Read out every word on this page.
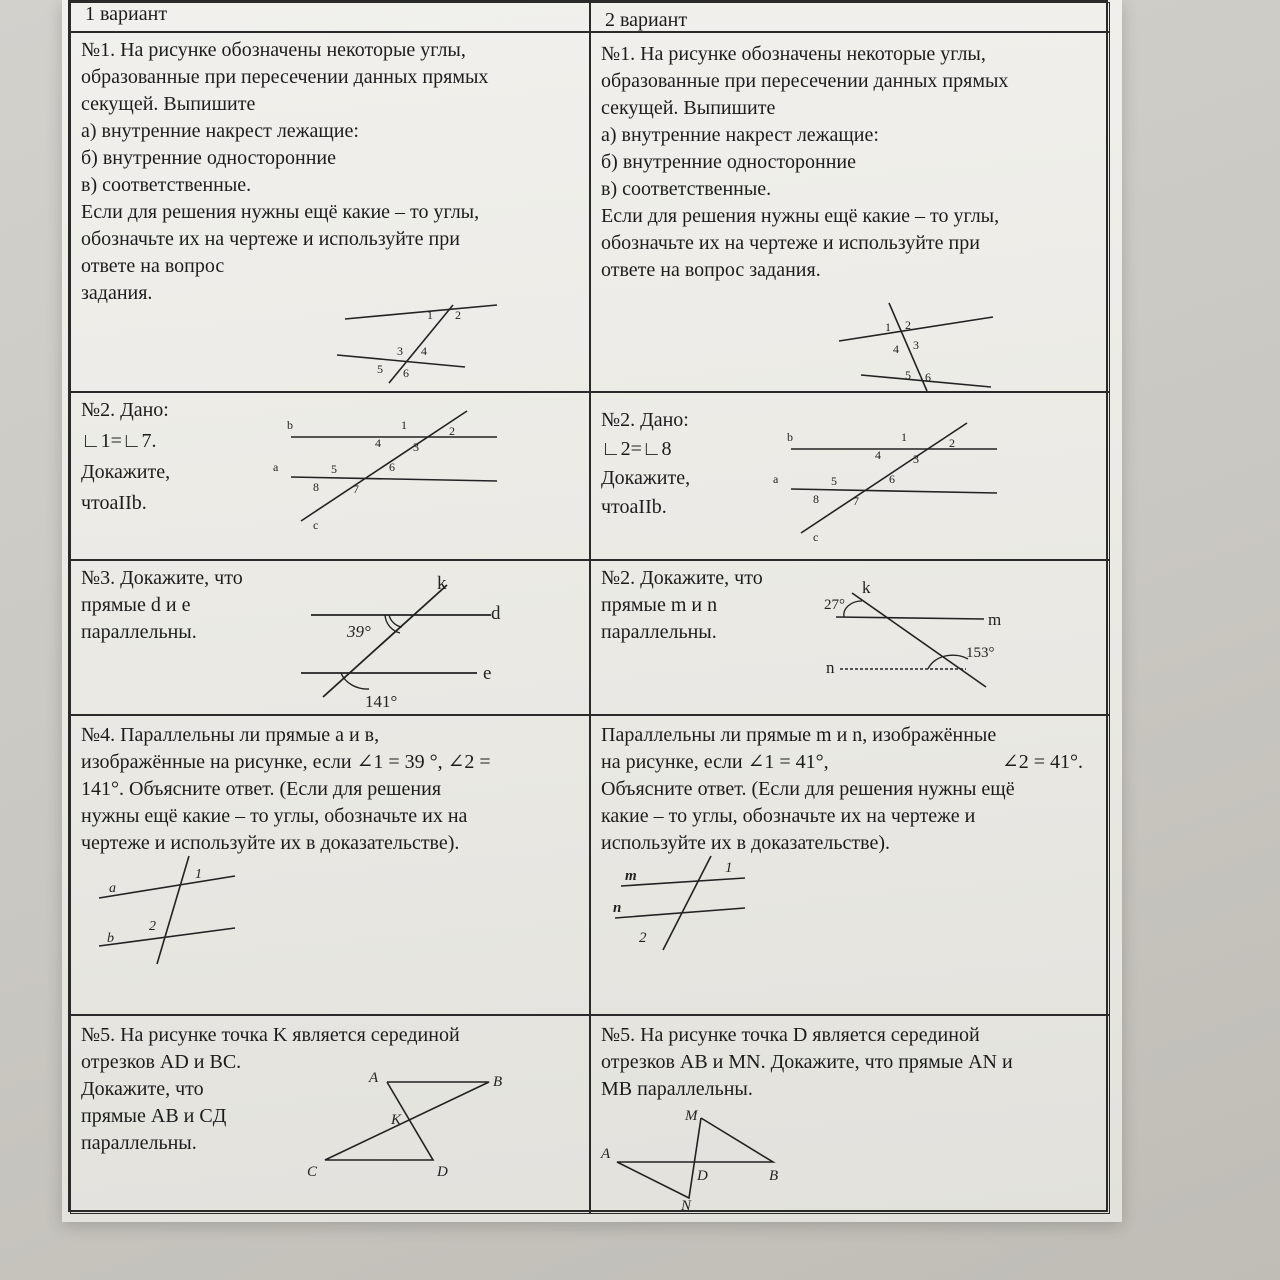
1 вариант	2 вариант

№1. На рисунке обозначены некоторые углы,

образованные при пересечении данных прямых

секущей. Выпишите

а) внутренние накрест лежащие:

б) внутренние односторонние

в) соответственные.

Если для решения нужны ещё какие – то углы,

обозначьте их на чертеже и используйте при

ответе на вопрос

задания.

1 2
3 4
5 6

№1. На рисунке обозначены некоторые углы,

образованные при пересечении данных прямых

секущей. Выпишите

а) внутренние накрест лежащие:

б) внутренние односторонние

в) соответственные.

Если для решения нужны ещё какие – то углы,

обозначьте их на чертеже и используйте при

ответе на вопрос задания.

1 2
3
4
5 6

№2. Дано:

∟1=∟7.

Докажите,

чтоaIIb.

b
a
c
1	2
3
4
5	6
7
8

№2. Дано:

∟2=∟8

Докажите,

чтоaIIb.

b
a
c
1	2
3
4
5	6
7
8

№3. Докажите, что

прямые d и e

параллельны.

k
d
e
39°
141°

№2. Докажите, что

прямые m и n

параллельны.

k
m
n
27°
153°

№4. Параллельны ли прямые а и в,

изображённые на рисунке, если ∠1 = 39 °, ∠2 =

141°. Объясните ответ. (Если для решения

нужны ещё какие – то углы, обозначьте их на

чертеже и используйте их в доказательстве).

a
b
1
2

Параллельны ли прямые m и n, изображённые

на рисунке, если ∠1 = 41°,	∠2 = 41°.

Объясните ответ. (Если для решения нужны ещё

какие – то углы, обозначьте их на чертеже и

используйте их в доказательстве).

m
n
1
2

№5. На рисунке точка K является серединой

отрезков AD и BC.

Докажите, что

прямые AB и CД

параллельны.

A	B
K
C	D

№5. На рисунке точка D является серединой

отрезков AB и MN. Докажите, что прямые AN и

MB параллельны.

M
A
D	B
N
